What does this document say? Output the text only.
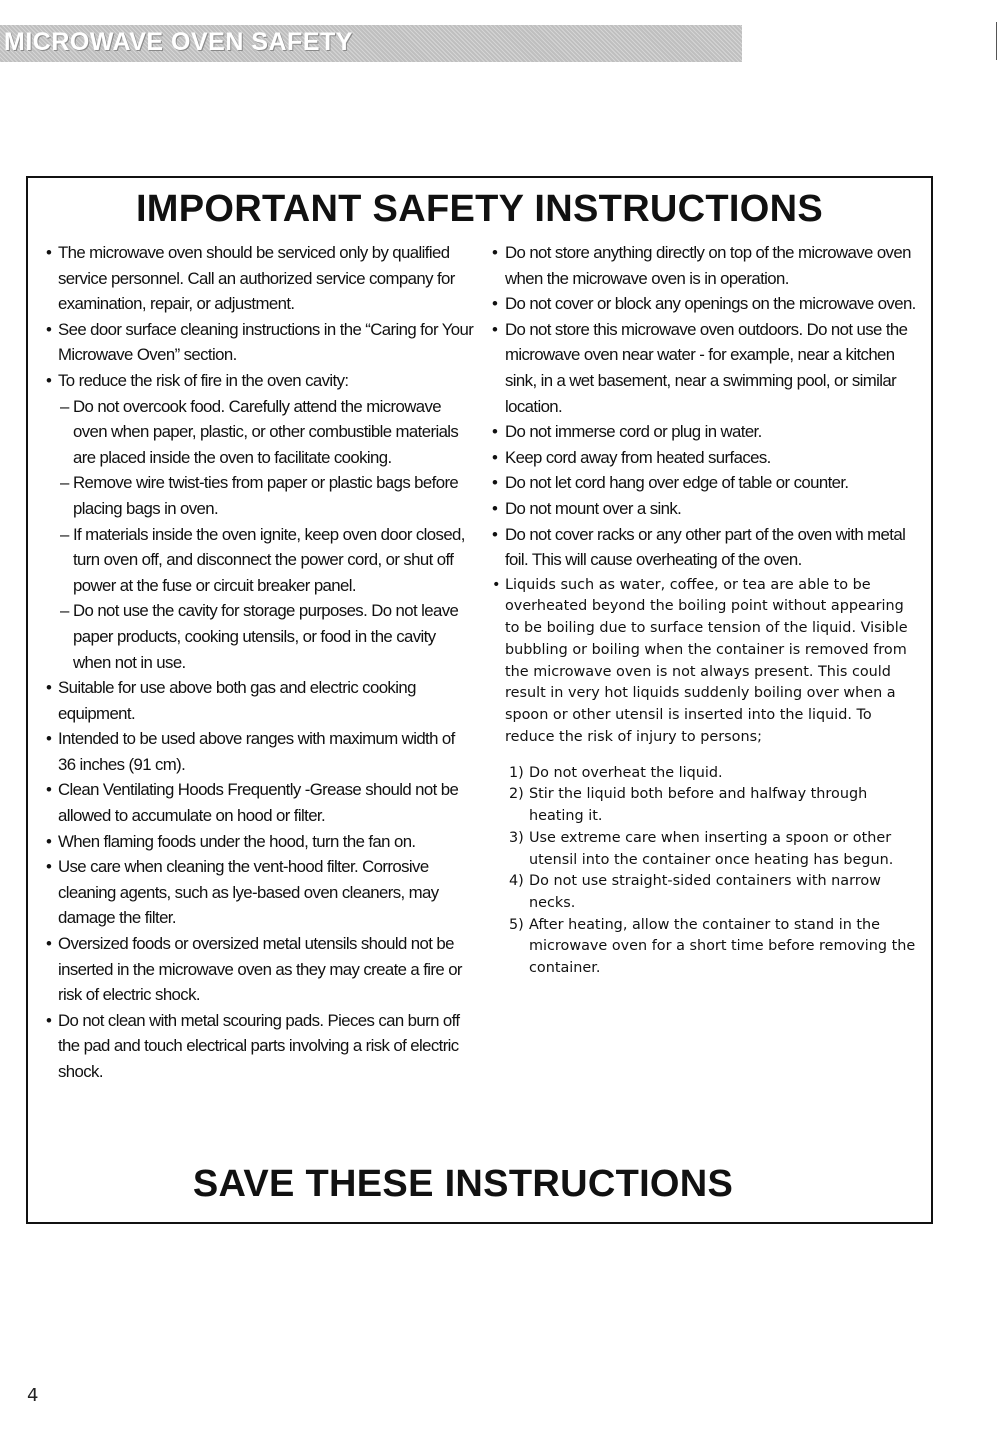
MICROWAVE OVEN SAFETY
IMPORTANT SAFETY INSTRUCTIONS

• The microwave oven should be serviced only by qualified service personnel. Call an authorized service company for examination, repair, or adjustment.

• See door surface cleaning instructions in the “Caring for Your Microwave Oven” section.

• To reduce the risk of fire in the oven cavity:

– Do not overcook food. Carefully attend the microwave oven when paper, plastic, or other combustible materials are placed inside the oven to facilitate cooking.

– Remove wire twist-ties from paper or plastic bags before placing bags in oven.

– If materials inside the oven ignite, keep oven door closed, turn oven off, and disconnect the power cord, or shut off power at the fuse or circuit breaker panel.

– Do not use the cavity for storage purposes. Do not leave paper products, cooking utensils, or food in the cavity when not in use.

• Suitable for use above both gas and electric cooking equipment.

• Intended to be used above ranges with maximum width of 36 inches (91 cm).

• Clean Ventilating Hoods Frequently -Grease should not be allowed to accumulate on hood or filter.

• When flaming foods under the hood, turn the fan on.

• Use care when cleaning the vent-hood filter. Corrosive cleaning agents, such as lye-based oven cleaners, may damage the filter.

• Oversized foods or oversized metal utensils should not be inserted in the microwave oven as they may create a fire or risk of electric shock.

• Do not clean with metal scouring pads. Pieces can burn off the pad and touch electrical parts involving a risk of electric shock.

• Do not store anything directly on top of the microwave oven when the microwave oven is in operation.

• Do not cover or block any openings on the microwave oven.

• Do not store this microwave oven outdoors. Do not use the microwave oven near water - for example, near a kitchen sink, in a wet basement, near a swimming pool, or similar location.

• Do not immerse cord or plug in water.

• Keep cord away from heated surfaces.

• Do not let cord hang over edge of table or counter.

• Do not mount over a sink.

• Do not cover racks or any other part of the oven with metal foil. This will cause overheating of the oven.

• Liquids such as water, coffee, or tea are able to be overheated beyond the boiling point without appearing to be boiling due to surface tension of the liquid. Visible bubbling or boiling when the container is removed from the microwave oven is not always present. This could result in very hot liquids suddenly boiling over when a spoon or other utensil is inserted into the liquid. To reduce the risk of injury to persons;

1) Do not overheat the liquid.

2) Stir the liquid both before and halfway through heating it.

3) Use extreme care when inserting a spoon or other utensil into the container once heating has begun.

4) Do not use straight-sided containers with narrow necks.

5) After heating, allow the container to stand in the microwave oven for a short time before removing the container.

SAVE THESE INSTRUCTIONS
4
